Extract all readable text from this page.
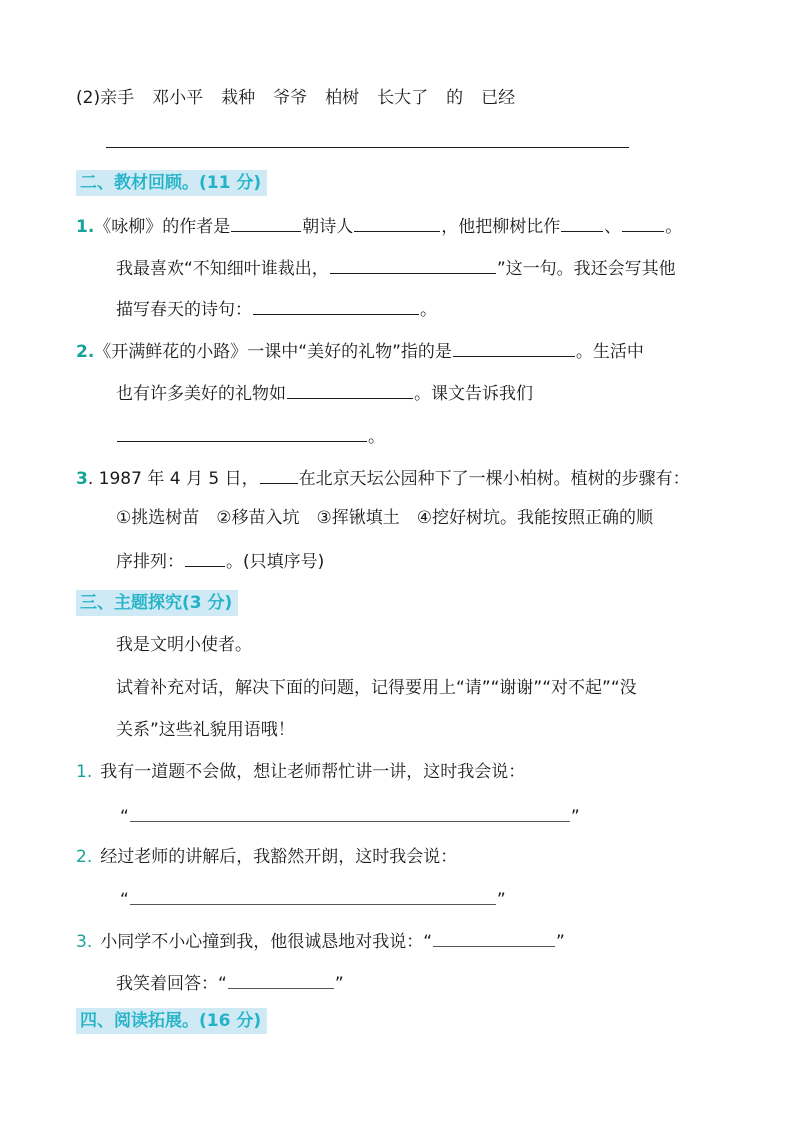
(2)亲手 邓小平 栽种 爷爷 柏树 长大了 的 已经
二、教材回顾。(11 分)
1.《咏柳》的作者是	朝诗人	，他把柳树比作	、	。
我最喜欢“不知细叶谁裁出，	”这一句。我还会写其他
描写春天的诗句：	。
2.《开满鲜花的小路》一课中“美好的礼物”指的是	。生活中
也有许多美好的礼物如	。课文告诉我们
。
3. 1987 年 4 月 5 日， 在北京天坛公园种下了一棵小柏树。植树的步骤有：
①挑选树苗　②移苗入坑　③挥锹填土　④挖好树坑。我能按照正确的顺
序排列： 。(只填序号)
三、主题探究(3 分)
我是文明小使者。
试着补充对话，解决下面的问题，记得要用上“请”“谢谢”“对不起”“没
关系”这些礼貌用语哦！
1. 我有一道题不会做，想让老师帮忙讲一讲，这时我会说：
“	”
2. 经过老师的讲解后，我豁然开朗，这时我会说：
“	”
3. 小同学不小心撞到我，他很诚恳地对我说：“	”
我笑着回答：“	”
四、阅读拓展。(16 分)
